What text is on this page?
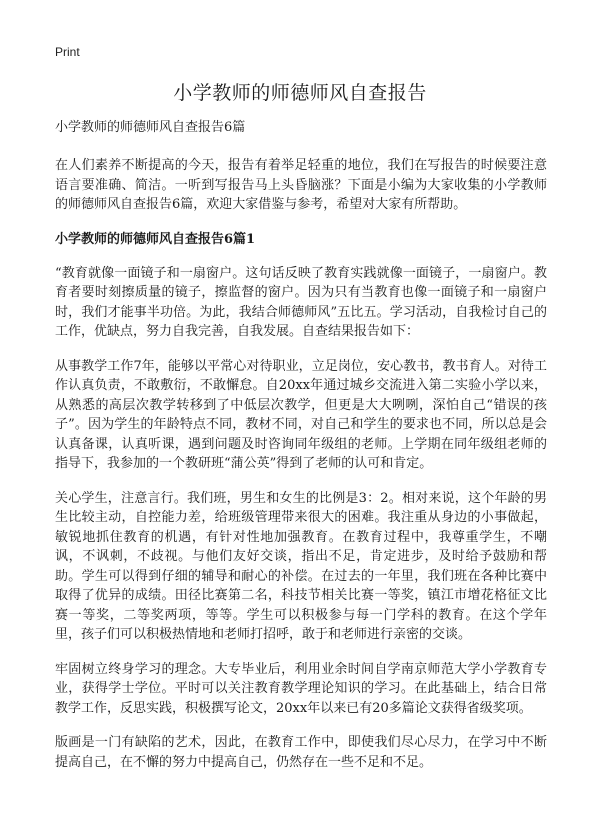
Print
小学教师的师德师风自查报告

小学教师的师德师风自查报告6篇

在人们素养不断提高的今天，报告有着举足轻重的地位，我们在写报告的时候要注意语言要准确、简洁。一听到写报告马上头昏脑涨？下面是小编为大家收集的小学教师的师德师风自查报告6篇，欢迎大家借鉴与参考，希望对大家有所帮助。

小学教师的师德师风自查报告6篇1

“教育就像一面镜子和一扇窗户。这句话反映了教育实践就像一面镜子，一扇窗户。教育者要时刻擦质量的镜子，擦监督的窗户。因为只有当教育也像一面镜子和一扇窗户时，我们才能事半功倍。为此，我结合师德师风”五比五。学习活动，自我检讨自己的工作，优缺点，努力自我完善，自我发展。自查结果报告如下：

从事教学工作7年，能够以平常心对待职业，立足岗位，安心教书，教书育人。对待工作认真负责，不敢敷衍，不敢懈怠。自20xx年通过城乡交流进入第二实验小学以来，从熟悉的高层次教学转移到了中低层次教学，但更是大大咧咧，深怕自己“错误的孩子”。因为学生的年龄特点不同，教材不同，对自己和学生的要求也不同，所以总是会认真备课，认真听课，遇到问题及时咨询同年级组的老师。上学期在同年级组老师的指导下，我参加的一个教研班“蒲公英”得到了老师的认可和肯定。

关心学生，注意言行。我们班，男生和女生的比例是3：2。相对来说，这个年龄的男生比较主动，自控能力差，给班级管理带来很大的困难。我注重从身边的小事做起，敏锐地抓住教育的机遇，有针对性地加强教育。在教育过程中，我尊重学生，不嘲讽，不讽刺，不歧视。与他们友好交谈，指出不足，肯定进步，及时给予鼓励和帮助。学生可以得到仔细的辅导和耐心的补偿。在过去的一年里，我们班在各种比赛中取得了优异的成绩。田径比赛第二名，科技节相关比赛一等奖，镇江市增花格征文比赛一等奖，二等奖两项，等等。学生可以积极参与每一门学科的教育。在这个学年里，孩子们可以积极热情地和老师打招呼，敢于和老师进行亲密的交谈。

牢固树立终身学习的理念。大专毕业后，利用业余时间自学南京师范大学小学教育专业，获得学士学位。平时可以关注教育教学理论知识的学习。在此基础上，结合日常教学工作，反思实践，积极撰写论文，20xx年以来已有20多篇论文获得省级奖项。

版画是一门有缺陷的艺术，因此，在教育工作中，即使我们尽心尽力，在学习中不断提高自己，在不懈的努力中提高自己，仍然存在一些不足和不足。
